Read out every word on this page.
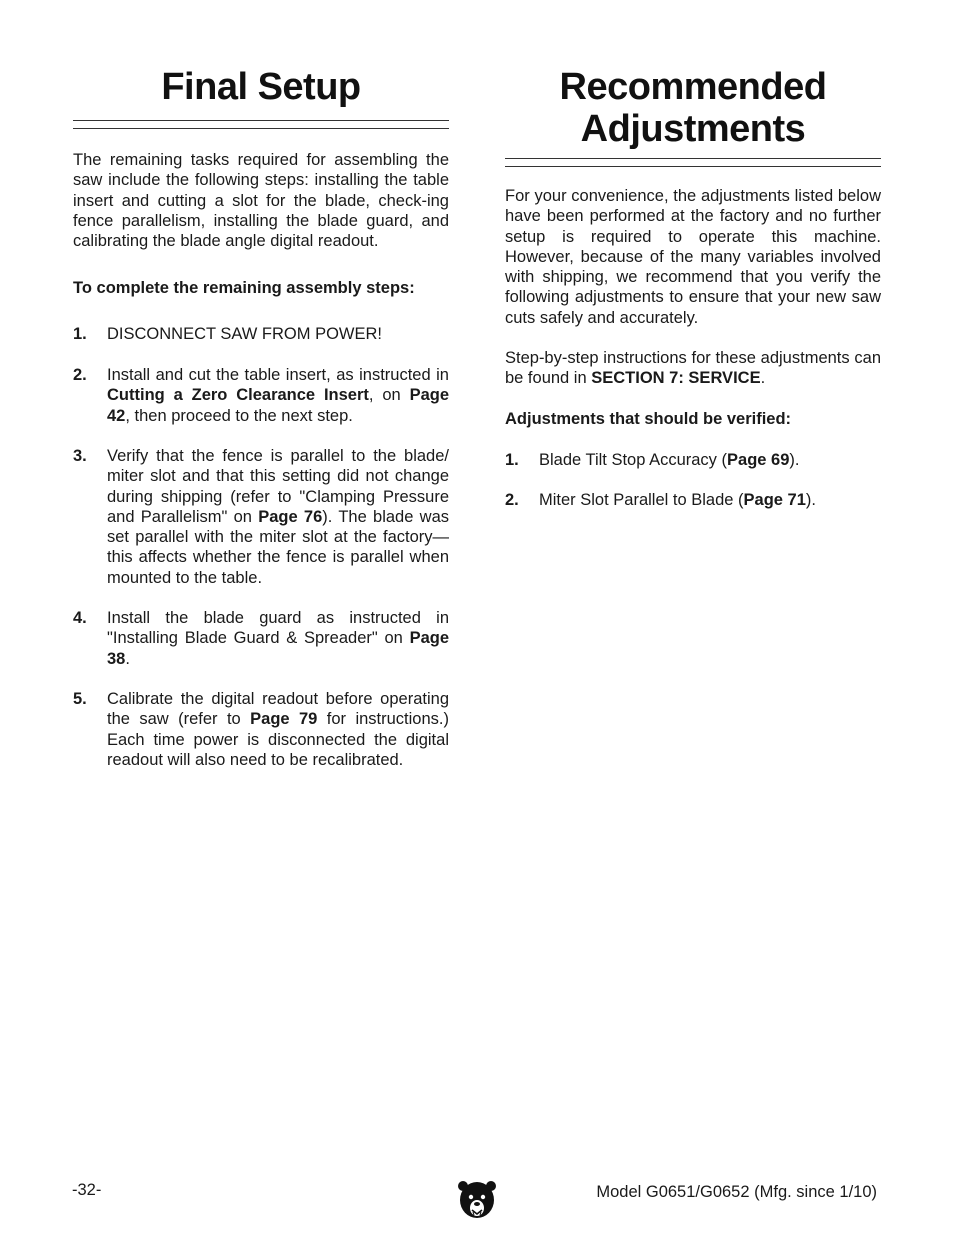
Final Setup

The remaining tasks required for assembling the saw include the following steps: installing the table insert and cutting a slot for the blade, check-ing fence parallelism, installing the blade guard, and calibrating the blade angle digital readout.

To complete the remaining assembly steps:

1.	DISCONNECT SAW FROM POWER!
2.	Install and cut the table insert, as instructed in Cutting a Zero Clearance Insert, on Page 42, then proceed to the next step.
3.	Verify that the fence is parallel to the blade/ miter slot and that this setting did not change during shipping (refer to "Clamping Pressure and Parallelism" on Page 76). The blade was set parallel with the miter slot at the factory—this affects whether the fence is parallel when mounted to the table.
4.	Install the blade guard as instructed in "Installing Blade Guard & Spreader" on Page 38.
5.	Calibrate the digital readout before operating the saw (refer to Page 79 for instructions.) Each time power is disconnected the digital readout will also need to be recalibrated.
Recommended
Adjustments

For your convenience, the adjustments listed below have been performed at the factory and no further setup is required to operate this machine. However, because of the many variables involved with shipping, we recommend that you verify the following adjustments to ensure that your new saw cuts safely and accurately.

Step-by-step instructions for these adjustments can be found in SECTION 7: SERVICE.

Adjustments that should be verified:

1.	Blade Tilt Stop Accuracy (Page 69).
2.	Miter Slot Parallel to Blade (Page 71).
-32-	Model G0651/G0652 (Mfg. since 1/10)
